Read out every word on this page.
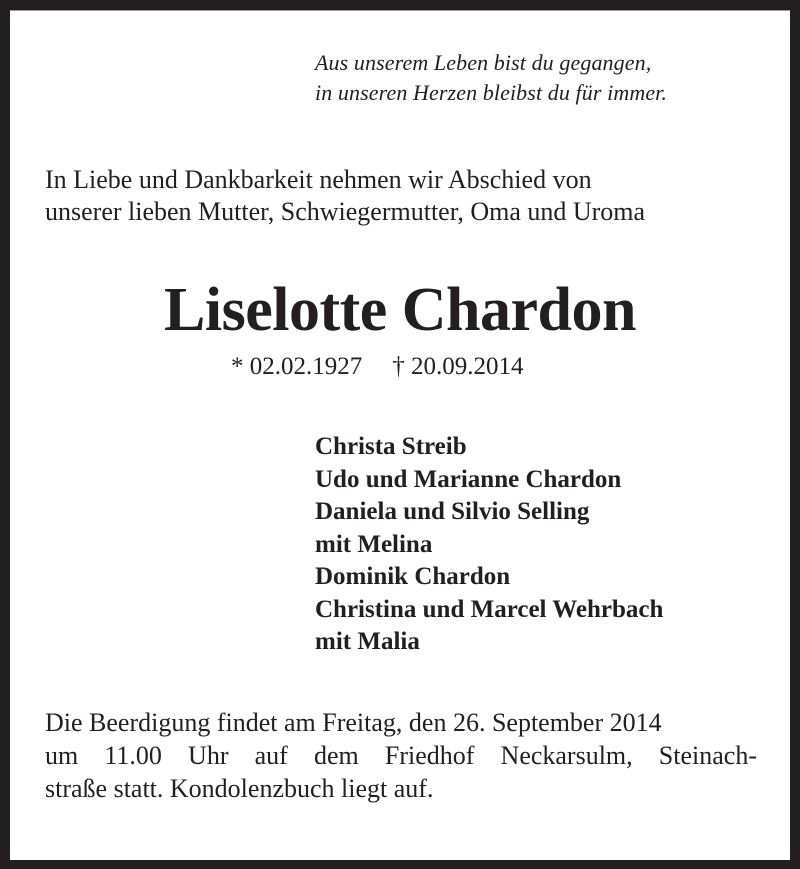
Aus unserem Leben bist du gegangen,
in unseren Herzen bleibst du für immer.
In Liebe und Dankbarkeit nehmen wir Abschied von
unserer lieben Mutter, Schwiegermutter, Oma und Uroma
Liselotte Chardon
* 02.02.1927 † 20.09.2014
Christa Streib
Udo und Marianne Chardon
Daniela und Silvio Selling
mit Melina
Dominik Chardon
Christina und Marcel Wehrbach
mit Malia
Die Beerdigung findet am Freitag, den 26. September 2014
um 11.00 Uhr auf dem Friedhof Neckarsulm, Steinach-
straße statt. Kondolenzbuch liegt auf.
